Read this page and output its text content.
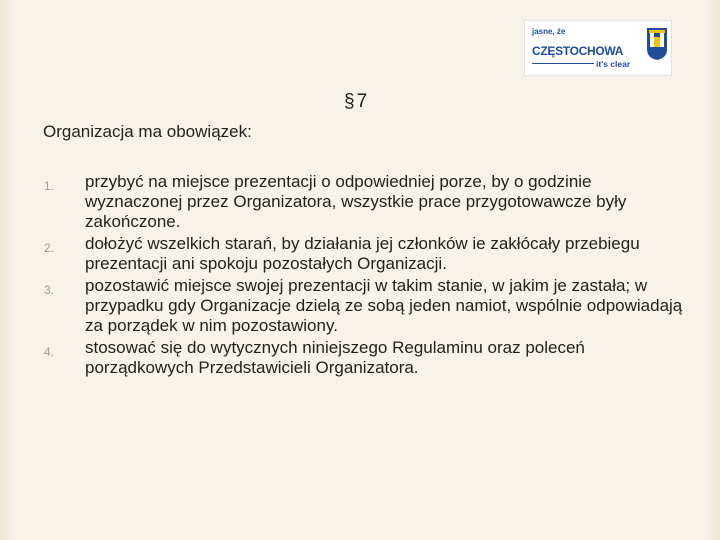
jasne, że
CZĘSTOCHOWA
it's clear
§7
Organizacja ma obowiązek:
1. przybyć na miejsce prezentacji o odpowiedniej porze, by o godzinie wyznaczonej przez Organizatora, wszystkie prace przygotowawcze były zakończone.
2. dołożyć wszelkich starań, by działania jej członków ie zakłócały przebiegu prezentacji ani spokoju pozostałych Organizacji.
3. pozostawić miejsce swojej prezentacji w takim stanie, w jakim je zastała; w przypadku gdy Organizacje dzielą ze sobą jeden namiot, wspólnie odpowiadają za porządek w nim pozostawiony.
4. stosować się do wytycznych niniejszego Regulaminu oraz poleceń porządkowych Przedstawicieli Organizatora.
